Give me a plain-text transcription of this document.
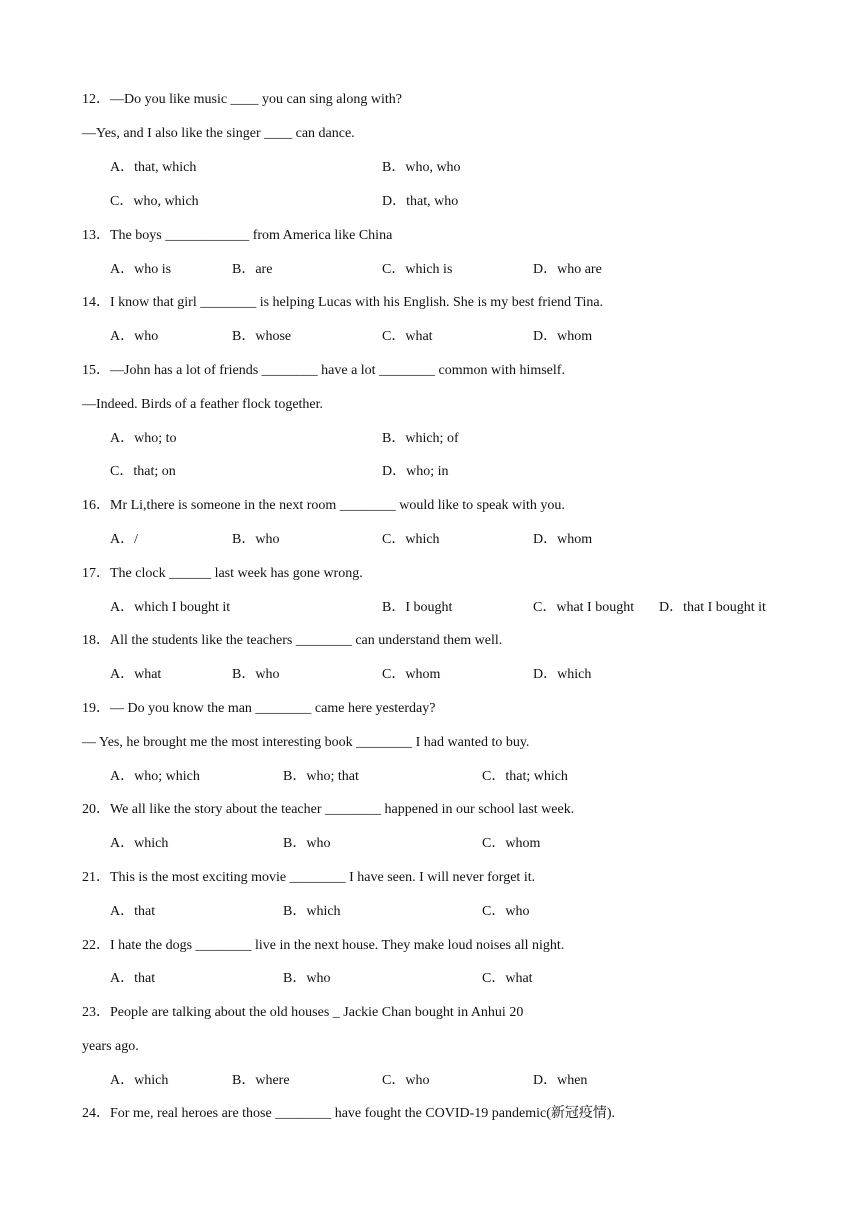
12．—Do you like music ____ you can sing along with?
—Yes, and I also like the singer ____ can dance.
A．that, which	B．who, who
C．who, which	D．that, who
13．The boys ____________ from America like China
A．who is	B．are	C．which is	D．who are
14．I know that girl ________ is helping Lucas with his English. She is my best friend Tina.
A．who	B．whose	C．what	D．whom
15．—John has a lot of friends ________ have a lot ________ common with himself.
—Indeed. Birds of a feather flock together.
A．who; to	B．which; of
C．that; on	D．who; in
16．Mr Li,there is someone in the next room ________ would like to speak with you.
A．/	B．who	C．which	D．whom
17．The clock ______ last week has gone wrong.
A．which I bought it	B．I bought	C．what I bought D．that I bought it
18．All the students like the teachers ________ can understand them well.
A．what	B．who	C．whom	D．which
19．— Do you know the man ________ came here yesterday?
— Yes, he brought me the most interesting book ________ I had wanted to buy.
A．who; which	B．who; that	C．that; which
20．We all like the story about the teacher ________ happened in our school last week.
A．which	B．who	C．whom
21．This is the most exciting movie ________ I have seen. I will never forget it.
A．that	B．which	C．who
22．I hate the dogs ________ live in the next house. They make loud noises all night.
A．that	B．who	C．what
23．People are talking about the old houses _ Jackie Chan bought in Anhui 20
years ago.
A．which	B．where	C．who	D．when
24．For me, real heroes are those ________ have fought the COVID-19 pandemic(新冠疫情).
